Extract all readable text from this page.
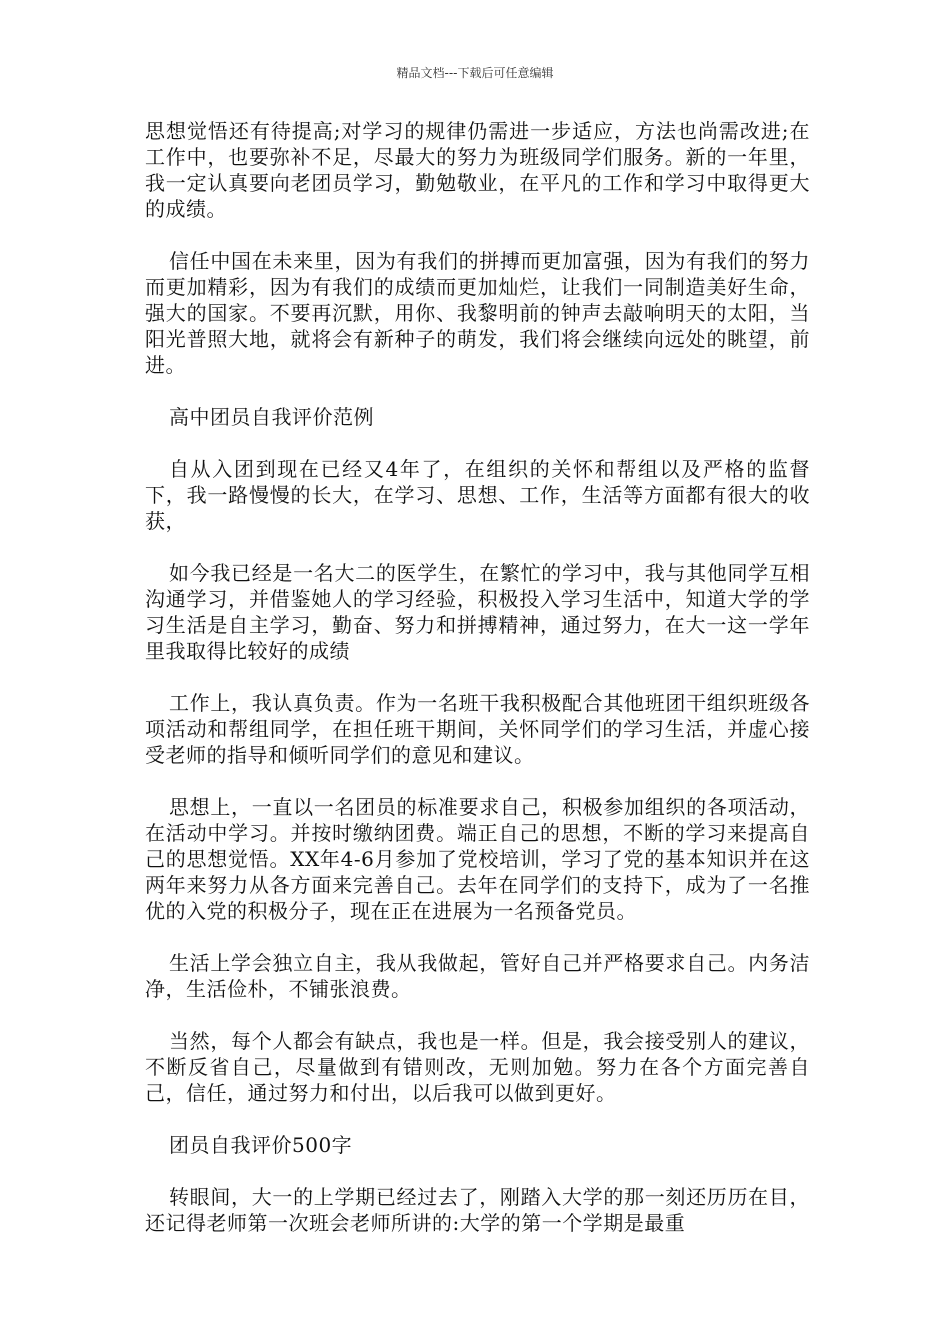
精品文档---下载后可任意编辑

思想觉悟还有待提高;对学习的规律仍需进一步适应，方法也尚需改进;在工作中，也要弥补不足，尽最大的努力为班级同学们服务。新的一年里，我一定认真要向老团员学习，勤勉敬业，在平凡的工作和学习中取得更大的成绩。

信任中国在未来里，因为有我们的拼搏而更加富强，因为有我们的努力而更加精彩，因为有我们的成绩而更加灿烂，让我们一同制造美好生命，强大的国家。不要再沉默，用你、我黎明前的钟声去敲响明天的太阳，当阳光普照大地，就将会有新种子的萌发，我们将会继续向远处的眺望，前进。

高中团员自我评价范例

自从入团到现在已经又4年了，在组织的关怀和帮组以及严格的监督下，我一路慢慢的长大，在学习、思想、工作，生活等方面都有很大的收获，

如今我已经是一名大二的医学生，在繁忙的学习中，我与其他同学互相沟通学习，并借鉴她人的学习经验，积极投入学习生活中，知道大学的学习生活是自主学习，勤奋、努力和拼搏精神，通过努力，在大一这一学年里我取得比较好的成绩

工作上，我认真负责。作为一名班干我积极配合其他班团干组织班级各项活动和帮组同学，在担任班干期间，关怀同学们的学习生活，并虚心接受老师的指导和倾听同学们的意见和建议。

思想上，一直以一名团员的标准要求自己，积极参加组织的各项活动，在活动中学习。并按时缴纳团费。端正自己的思想，不断的学习来提高自己的思想觉悟。XX年4-6月参加了党校培训，学习了党的基本知识并在这两年来努力从各方面来完善自己。去年在同学们的支持下，成为了一名推优的入党的积极分子，现在正在进展为一名预备党员。

生活上学会独立自主，我从我做起，管好自己并严格要求自己。内务洁净，生活俭朴，不铺张浪费。

当然，每个人都会有缺点，我也是一样。但是，我会接受别人的建议，不断反省自己，尽量做到有错则改，无则加勉。努力在各个方面完善自己，信任，通过努力和付出，以后我可以做到更好。

团员自我评价500字

转眼间，大一的上学期已经过去了，刚踏入大学的那一刻还历历在目，还记得老师第一次班会老师所讲的:大学的第一个学期是最重
